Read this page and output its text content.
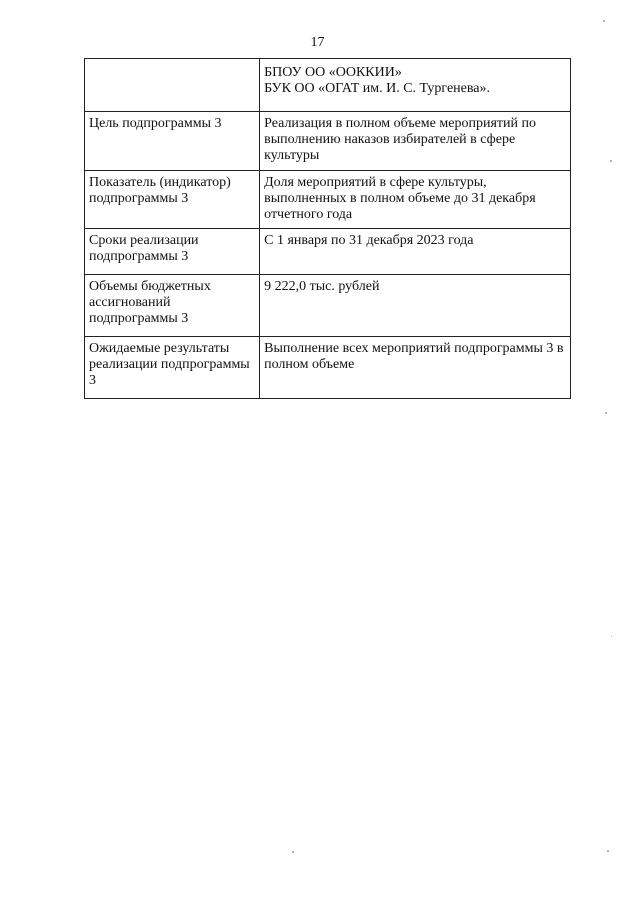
17

	БПОУ ОО «ООККИИ»
БУК ОО «ОГАТ им. И. С. Тургенева».

Цель подпрограммы 3	Реализация в полном объеме мероприятий по выполнению наказов избирателей в сфере культуры
Показатель (индикатор) подпрограммы 3	Доля мероприятий в сфере культуры, выполненных в полном объеме до 31 декабря отчетного года
Сроки реализации подпрограммы 3	С 1 января по 31 декабря 2023 года
Объемы бюджетных ассигнований подпрограммы 3	9 222,0 тыс. рублей
Ожидаемые результаты реализации подпрограммы 3	Выполнение всех мероприятий подпрограммы 3 в полном объеме
